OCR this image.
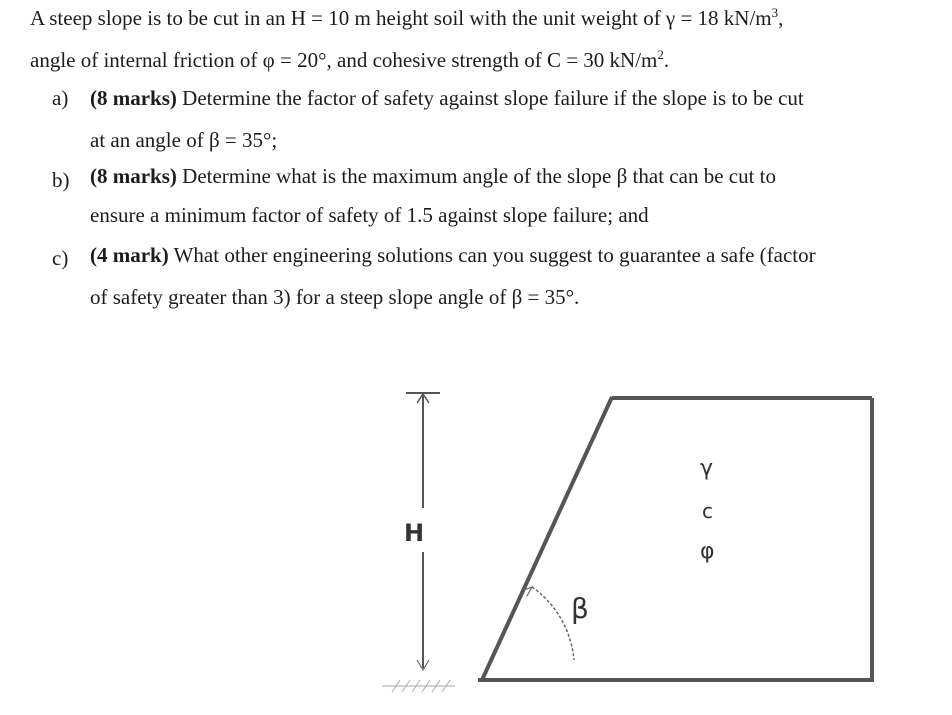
A steep slope is to be cut in an H = 10 m height soil with the unit weight of γ = 18 $kN/m^3$,
angle of internal friction of φ = 20°, and cohesive strength of C = 30 $kN/m^2$.
a) (8 marks) Determine the factor of safety against slope failure if the slope is to be cut
at an angle of β = 35°;
b) (8 marks) Determine what is the maximum angle of the slope β that can be cut to
ensure a minimum factor of safety of 1.5 against slope failure; and
c) (4 mark) What other engineering solutions can you suggest to guarantee a safe (factor
of safety greater than 3) for a steep slope angle of β = 35°.
H
β
γ
c
φ
